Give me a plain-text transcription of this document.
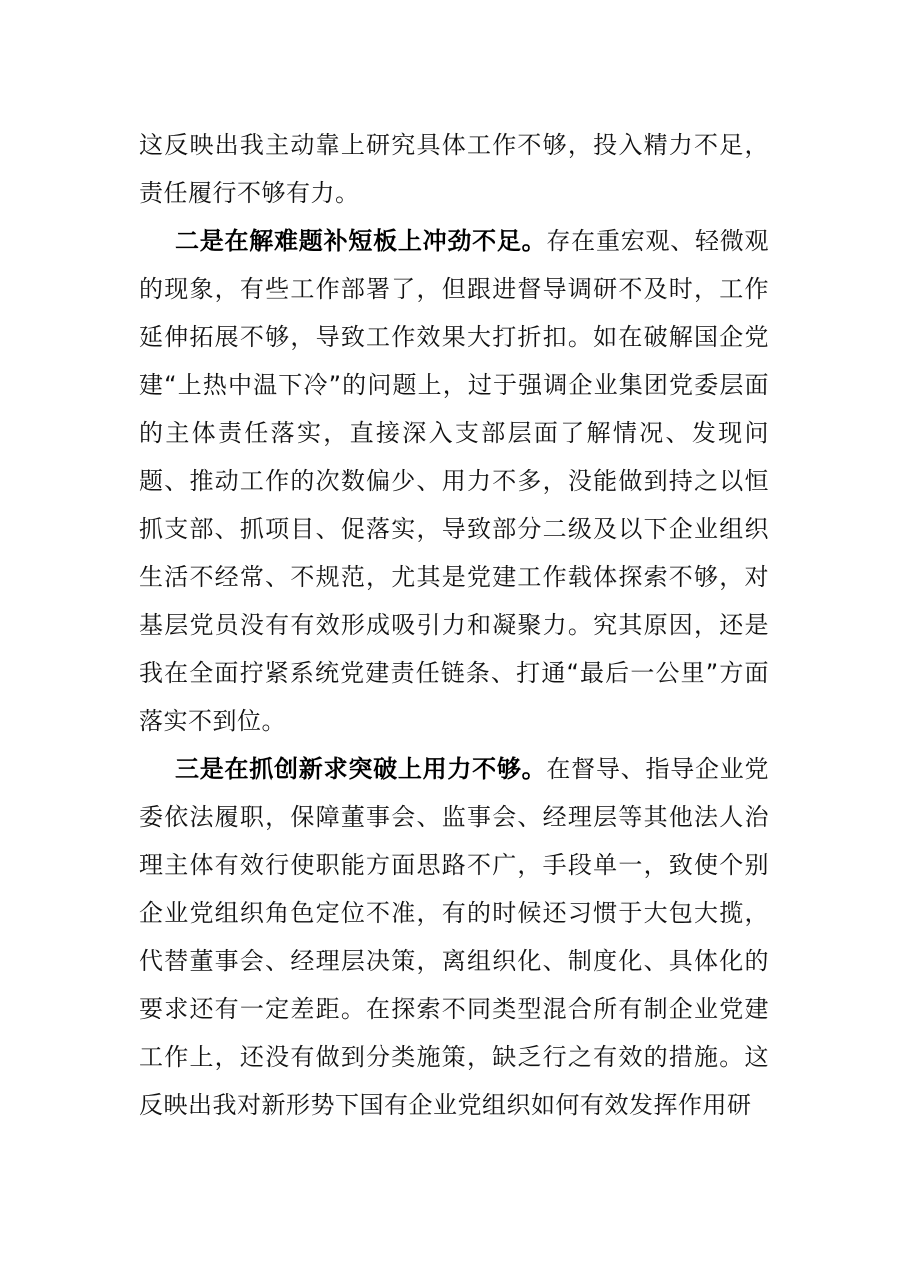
这反映出我主动靠上研究具体工作不够，投入精力不足，责任履行不够有力。

二是在解难题补短板上冲劲不足。存在重宏观、轻微观的现象，有些工作部署了，但跟进督导调研不及时，工作延伸拓展不够，导致工作效果大打折扣。如在破解国企党建“上热中温下冷”的问题上，过于强调企业集团党委层面的主体责任落实，直接深入支部层面了解情况、发现问题、推动工作的次数偏少、用力不多，没能做到持之以恒抓支部、抓项目、促落实，导致部分二级及以下企业组织生活不经常、不规范，尤其是党建工作载体探索不够，对基层党员没有有效形成吸引力和凝聚力。究其原因，还是我在全面拧紧系统党建责任链条、打通“最后一公里”方面落实不到位。

三是在抓创新求突破上用力不够。在督导、指导企业党委依法履职，保障董事会、监事会、经理层等其他法人治理主体有效行使职能方面思路不广，手段单一，致使个别企业党组织角色定位不准，有的时候还习惯于大包大揽，代替董事会、经理层决策，离组织化、制度化、具体化的要求还有一定差距。在探索不同类型混合所有制企业党建工作上，还没有做到分类施策，缺乏行之有效的措施。这反映出我对新形势下国有企业党组织如何有效发挥作用研
